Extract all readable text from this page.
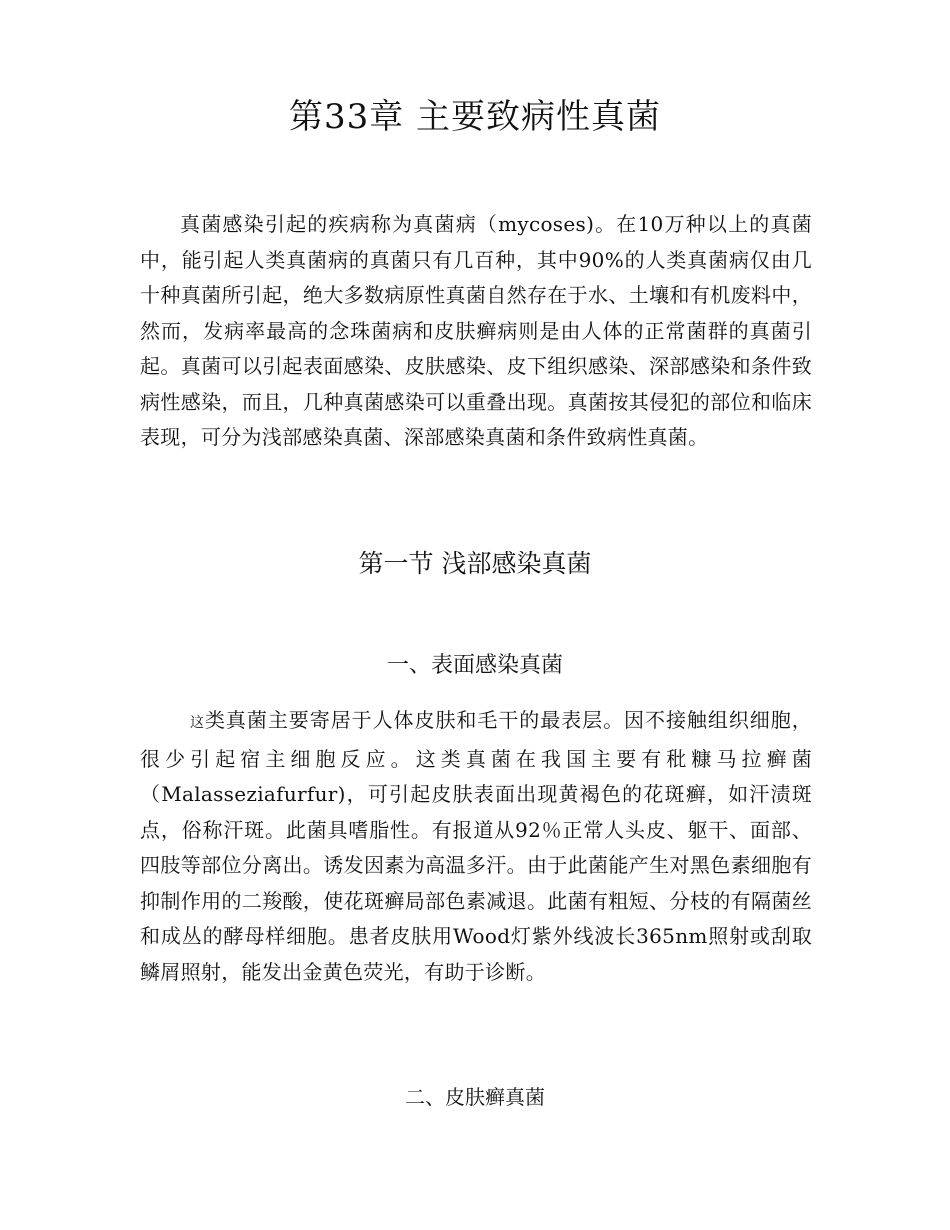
第33章 主要致病性真菌

真菌感染引起的疾病称为真菌病（mycoses)。在10万种以上的真菌中，能引起人类真菌病的真菌只有几百种，其中90%的人类真菌病仅由几十种真菌所引起，绝大多数病原性真菌自然存在于水、土壤和有机废料中，然而，发病率最高的念珠菌病和皮肤癣病则是由人体的正常菌群的真菌引起。真菌可以引起表面感染、皮肤感染、皮下组织感染、深部感染和条件致病性感染，而且，几种真菌感染可以重叠出现。真菌按其侵犯的部位和临床表现，可分为浅部感染真菌、深部感染真菌和条件致病性真菌。

第一节 浅部感染真菌
一、表面感染真菌

这类真菌主要寄居于人体皮肤和毛干的最表层。因不接触组织细胞，很少引起宿主细胞反应。这类真菌在我国主要有秕糠马拉癣菌（Malasseziafurfur)，可引起皮肤表面出现黄褐色的花斑癣，如汗渍斑点，俗称汗斑。此菌具嗜脂性。有报道从92％正常人头皮、躯干、面部、四肢等部位分离出。诱发因素为高温多汗。由于此菌能产生对黑色素细胞有抑制作用的二羧酸，使花斑癣局部色素减退。此菌有粗短、分枝的有隔菌丝和成丛的酵母样细胞。患者皮肤用Wood灯紫外线波长365nm照射或刮取鳞屑照射，能发出金黄色荧光，有助于诊断。

二、皮肤癣真菌
